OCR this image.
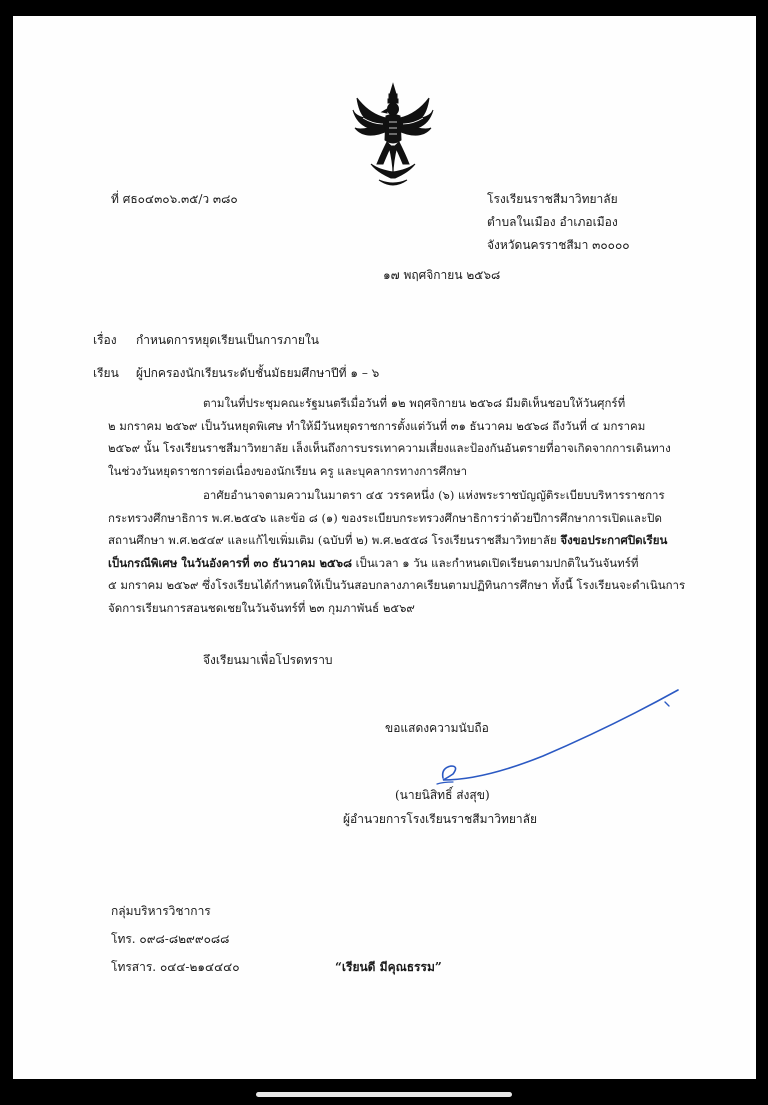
ที่ ศธ๐๔๓๐๖.๓๕/ว ๓๘๐	โรงเรียนราชสีมาวิทยาลัย
ตำบลในเมือง อำเภอเมือง
จังหวัดนครราชสีมา ๓๐๐๐๐
๑๗ พฤศจิกายน ๒๕๖๘
เรื่อง กำหนดการหยุดเรียนเป็นการภายใน
เรียน ผู้ปกครองนักเรียนระดับชั้นมัธยมศึกษาปีที่ ๑ – ๖
ตามในที่ประชุมคณะรัฐมนตรีเมื่อวันที่ ๑๒ พฤศจิกายน ๒๕๖๘ มีมติเห็นชอบให้วันศุกร์ที่
๒ มกราคม ๒๕๖๙ เป็นวันหยุดพิเศษ ทำให้มีวันหยุดราชการตั้งแต่วันที่ ๓๑ ธันวาคม ๒๕๖๘ ถึงวันที่ ๔ มกราคม
๒๕๖๙ นั้น โรงเรียนราชสีมาวิทยาลัย เล็งเห็นถึงการบรรเทาความเสี่ยงและป้องกันอันตรายที่อาจเกิดจากการเดินทาง
ในช่วงวันหยุดราชการต่อเนื่องของนักเรียน ครู และบุคลากรทางการศึกษา
อาศัยอำนาจตามความในมาตรา ๔๕ วรรคหนึ่ง (๖) แห่งพระราชบัญญัติระเบียบบริหารราชการ
กระทรวงศึกษาธิการ พ.ศ.๒๕๔๖ และข้อ ๘ (๑) ของระเบียบกระทรวงศึกษาธิการว่าด้วยปีการศึกษาการเปิดและปิด
สถานศึกษา พ.ศ.๒๕๔๙ และแก้ไขเพิ่มเติม (ฉบับที่ ๒) พ.ศ.๒๕๕๘ โรงเรียนราชสีมาวิทยาลัย จึงขอประกาศปิดเรียน
เป็นกรณีพิเศษ ในวันอังคารที่ ๓๐ ธันวาคม ๒๕๖๘ เป็นเวลา ๑ วัน และกำหนดเปิดเรียนตามปกติในวันจันทร์ที่
๕ มกราคม ๒๕๖๙ ซึ่งโรงเรียนได้กำหนดให้เป็นวันสอบกลางภาคเรียนตามปฏิทินการศึกษา ทั้งนี้ โรงเรียนจะดำเนินการ
จัดการเรียนการสอนชดเชยในวันจันทร์ที่ ๒๓ กุมภาพันธ์ ๒๕๖๙
จึงเรียนมาเพื่อโปรดทราบ
ขอแสดงความนับถือ
(นายนิสิทธิ์ ส่งสุข)
ผู้อำนวยการโรงเรียนราชสีมาวิทยาลัย
กลุ่มบริหารวิชาการ
โทร. ๐๙๘-๘๒๙๙๐๘๘
โทรสาร. ๐๔๔-๒๑๔๔๔๐	“เรียนดี มีคุณธรรม”
